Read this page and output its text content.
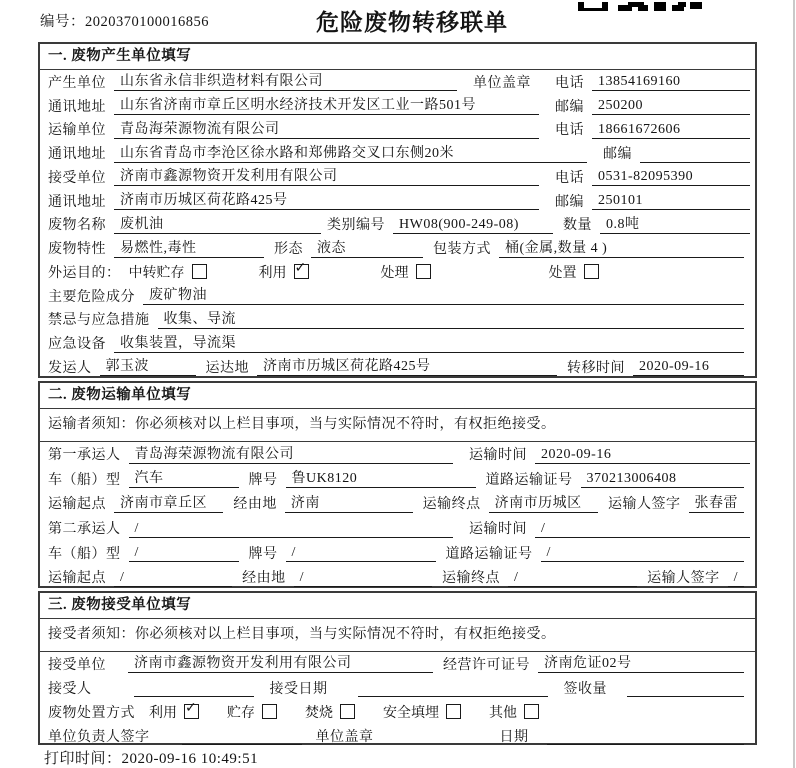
编号：2020370100016856	危险废物转移联单
一. 废物产生单位填写
产生单位	山东省永信非织造材料有限公司	单位盖章 电话	13854169160
通讯地址	山东省济南市章丘区明水经济技术开发区工业一路501号	邮编	250200
运输单位	青岛海荣源物流有限公司	电话	18661672606
通讯地址	山东省青岛市李沧区徐水路和郑佛路交叉口东侧20米	邮编
接受单位	济南市鑫源物资开发利用有限公司	电话	0531-82095390
通讯地址	济南市历城区荷花路425号	邮编	250101
废物名称	废机油	类别编号	HW08(900-249-08)	数量	0.8吨
废物特性	易燃性,毒性	形态	液态	包装方式	桶(金属,数量 4 )
外运目的： 中转贮存	利用 ✓	处理	处置
主要危险成分	废矿物油
禁忌与应急措施	收集、导流
应急设备	收集装置，导流渠
发运人	郭玉波	运达地	济南市历城区荷花路425号	转移时间	2020-09-16
二. 废物运输单位填写
运输者须知：你必须核对以上栏目事项，当与实际情况不符时，有权拒绝接受。
第一承运人	青岛海荣源物流有限公司	运输时间	2020-09-16
车（船）型	汽车	牌号	鲁UK8120	道路运输证号	370213006408
运输起点	济南市章丘区	经由地	济南	运输终点	济南市历城区	运输人签字	张春雷
第二承运人	/	运输时间	/
车（船）型	/	牌号	/	道路运输证号	/
运输起点	/	经由地	/	运输终点	/	运输人签字	/
三. 废物接受单位填写
接受者须知：你必须核对以上栏目事项，当与实际情况不符时，有权拒绝接受。
接受单位	济南市鑫源物资开发利用有限公司	经营许可证号	济南危证02号
接受人	接受日期	签收量
废物处置方式 利用 ✓ 贮存	焚烧	安全填埋	其他
单位负责人签字	单位盖章	日期
打印时间：2020-09-16 10:49:51
